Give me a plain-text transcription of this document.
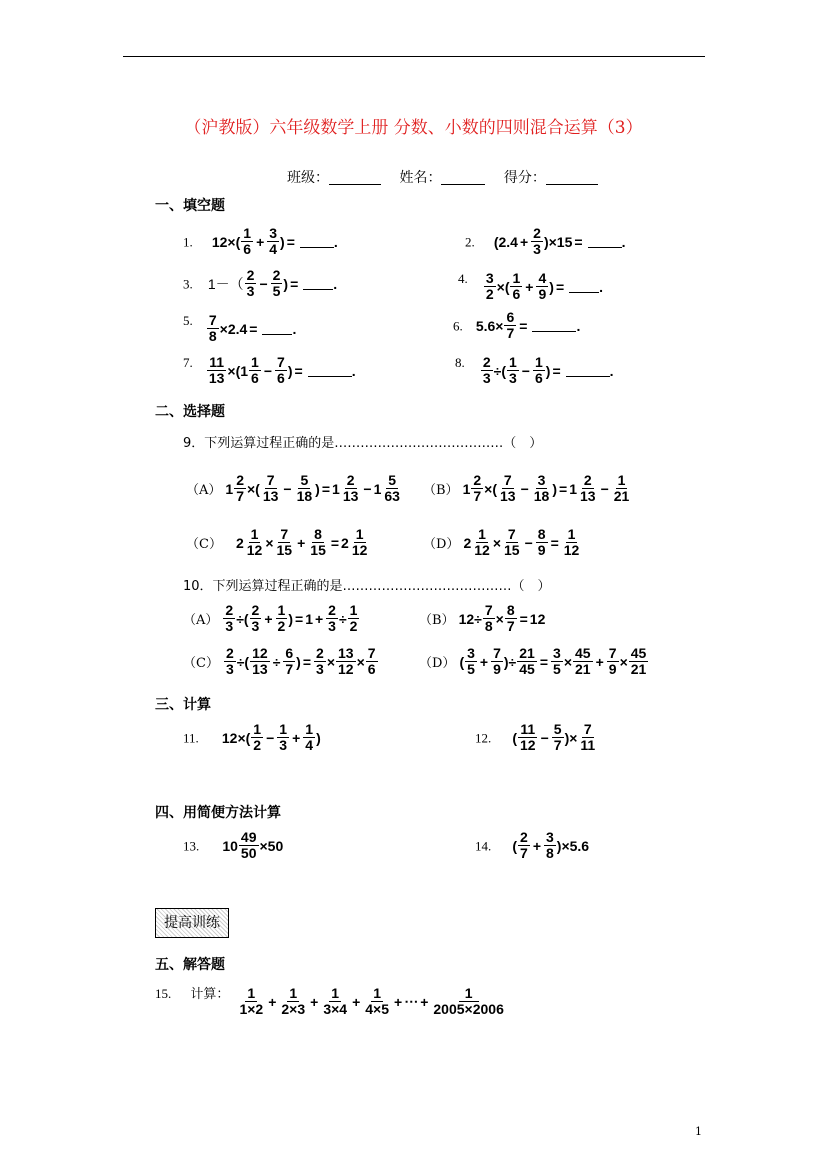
（沪教版）六年级数学上册 分数、小数的四则混合运算（3）
班级：	姓名：	得分：
一、填空题
1. 12×(
1
$6 + \frac{3}{4}$ ) =	.	2. $(2.4 + \frac{2}{3} )\times 15$ =	.
3. 1－（
2
$3 - \frac{2}{5}$ ) =	.	4. 3
2 ×(
1
$6 + \frac{4}{9}$ ) =	.
5. $\frac{7}{8} \times 2.4$ =	.	6. $5.6\times \frac{6}{7}$ =	.
7. 11
13 ×(1
1
$6 - \frac{7}{6}$ ) =	.	8. 2
3 ÷(
1
$3 - \frac{1}{6}$ ) =	.
二、选择题
9．下列运算过程正确的是…………………………………（　）
（A） 1
2
7 ×(
7
$13 - \frac{5}{18}$ ) = $1 \frac{2}{13} - 1 \frac{5}{63} (B)$ 1
2
7 ×(
7
$13 - \frac{3}{18}$ ) = $1 \frac{2}{13} - \frac{1}{21}$
（C） 2
1
12 ×
7
$15 + \frac{8}{15} = 2 \frac{1}{12}$	（D） 2
1
12 ×
7
$15 - \frac{8}{9} = \frac{1}{12}$
10．下列运算过程正确的是…………………………………（　）
（A）
2
3 ÷(
2
$3 + \frac{1}{2}$ ) = $1 + \frac{2}{3}$ ÷
1
2	（B） 12÷
7
$8 \times \frac{8}{7} = 12$
（C）
2
3 ÷( $\frac{12}{13} \div \frac{6}{7}$ ) = $\frac{2}{3}$ ×
13
12 ×
7
6	（D） (
3
$5 + \frac{7}{9}$ )÷ $\frac{21}{45} = \frac{3}{5}$ ×
45
$21 + \frac{7}{9}$ ×
45
21
三、计算
11. 12×(
1
$2 - \frac{1}{3} + \frac{1}{4}$ )	12. (
11
$12 - \frac{5}{7}$ )×
7
11
四、用简便方法计算
13. 10
49
50 ×50	14. (
2
$7 + \frac{3}{8} )\times 5.6$
提高训练
五、解答题
15. 计算： 1
$1\times 2 + \frac{1}{2\times 3} + \frac{1}{3\times 4} + \frac{1}{4\times 5}$ + ⋯ + $\frac{1}{2005\times 2006}$
1
